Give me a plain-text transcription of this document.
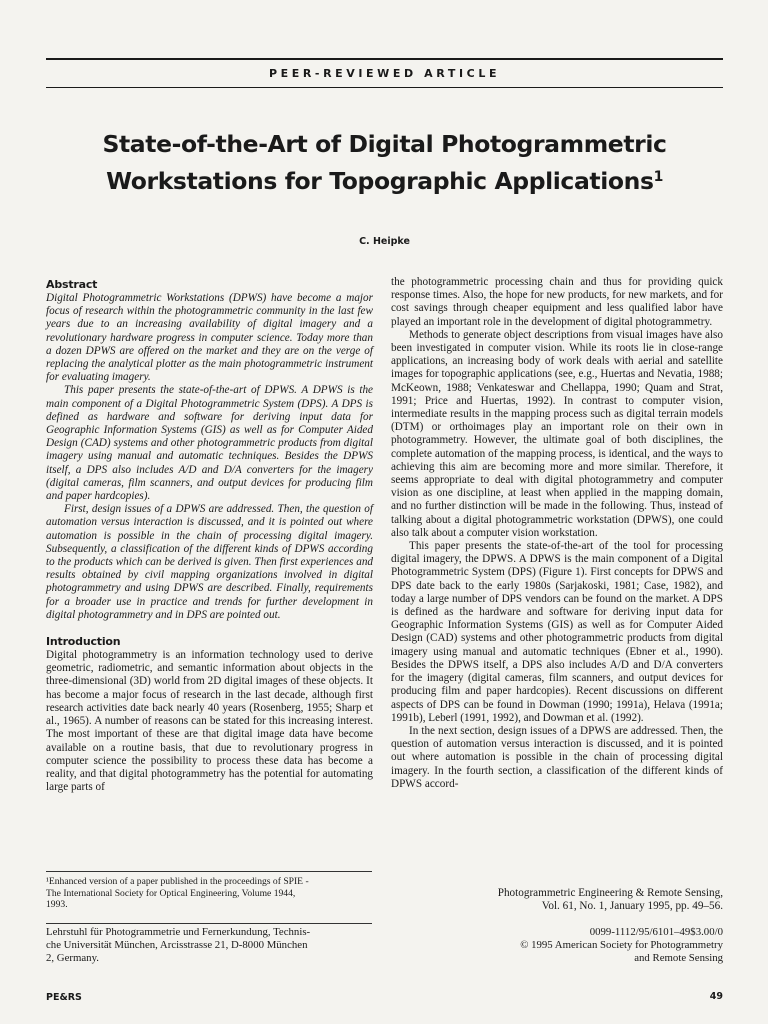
PEER-REVIEWED ARTICLE
State-of-the-Art of Digital Photogrammetric
Workstations for Topographic Applications$^1$
C. Heipke
Abstract

Digital Photogrammetric Workstations (DPWS) have become a major focus of research within the photogrammetric community in the last few years due to an increasing availability of digital imagery and a revolutionary hardware progress in computer science. Today more than a dozen DPWS are offered on the market and they are on the verge of replacing the analytical plotter as the main photogrammetric instrument for evaluating imagery.

This paper presents the state-of-the-art of DPWS. A DPWS is the main component of a Digital Photogrammetric System (DPS). A DPS is defined as hardware and software for deriving input data for Geographic Information Systems (GIS) as well as for Computer Aided Design (CAD) systems and other photogrammetric products from digital imagery using manual and automatic techniques. Besides the DPWS itself, a DPS also includes A/D and D/A converters for the imagery (digital cameras, film scanners, and output devices for producing film and paper hardcopies).

First, design issues of a DPWS are addressed. Then, the question of automation versus interaction is discussed, and it is pointed out where automation is possible in the chain of processing digital imagery. Subsequently, a classification of the different kinds of DPWS according to the products which can be derived is given. Then first experiences and results obtained by civil mapping organizations involved in digital photogrammetry and using DPWS are described. Finally, requirements for a broader use in practice and trends for further development in digital photogrammetry and in DPS are pointed out.

Introduction

Digital photogrammetry is an information technology used to derive geometric, radiometric, and semantic information about objects in the three-dimensional (3D) world from 2D digital images of these objects. It has become a major focus of research in the last decade, although first research activities date back nearly 40 years (Rosenberg, 1955; Sharp et al., 1965). A number of reasons can be stated for this increasing interest. The most important of these are that digital image data have become available on a routine basis, that due to revolutionary progress in computer science the possibility to process these data has become a reality, and that digital photogrammetry has the potential for automating large parts of

the photogrammetric processing chain and thus for providing quick response times. Also, the hope for new products, for new markets, and for cost savings through cheaper equipment and less qualified labor have played an important role in the development of digital photogrammetry.

Methods to generate object descriptions from visual images have also been investigated in computer vision. While its roots lie in close-range applications, an increasing body of work deals with aerial and satellite images for topographic applications (see, e.g., Huertas and Nevatia, 1988; McKeown, 1988; Venkateswar and Chellappa, 1990; Quam and Strat, 1991; Price and Huertas, 1992). In contrast to computer vision, intermediate results in the mapping process such as digital terrain models (DTM) or orthoimages play an important role on their own in photogrammetry. However, the ultimate goal of both disciplines, the complete automation of the mapping process, is identical, and the ways to achieving this aim are becoming more and more similar. Therefore, it seems appropriate to deal with digital photogrammetry and computer vision as one discipline, at least when applied in the mapping domain, and no further distinction will be made in the following. Thus, instead of talking about a digital photogrammetric workstation (DPWS), one could also talk about a computer vision workstation.

This paper presents the state-of-the-art of the tool for processing digital imagery, the DPWS. A DPWS is the main component of a Digital Photogrammetric System (DPS) (Figure 1). First concepts for DPWS and DPS date back to the early 1980s (Sarjakoski, 1981; Case, 1982), and today a large number of DPS vendors can be found on the market. A DPS is defined as the hardware and software for deriving input data for Geographic Information Systems (GIS) as well as for Computer Aided Design (CAD) systems and other photogrammetric products from digital imagery using manual and automatic techniques (Ebner et al., 1990). Besides the DPWS itself, a DPS also includes A/D and D/A converters for the imagery (digital cameras, film scanners, and output devices for producing film and paper hardcopies). Recent discussions on different aspects of DPS can be found in Dowman (1990; 1991a), Helava (1991a; 1991b), Leberl (1991, 1992), and Dowman et al. (1992).

In the next section, design issues of a DPWS are addressed. Then, the question of automation versus interaction is discussed, and it is pointed out where automation is possible in the chain of processing digital imagery. In the fourth section, a classification of the different kinds of DPWS accord-

¹Enhanced version of a paper published in the proceedings of SPIE -
The International Society for Optical Engineering, Volume 1944,
1993.
Lehrstuhl für Photogrammetrie und Fernerkundung, Technis-
che Universität München, Arcisstrasse 21, D-8000 München
2, Germany.
Photogrammetric Engineering & Remote Sensing,
Vol. 61, No. 1, January 1995, pp. 49–56.
0099-1112/95/6101–49$3.00/0
© 1995 American Society for Photogrammetry
and Remote Sensing
PE&RS	49
